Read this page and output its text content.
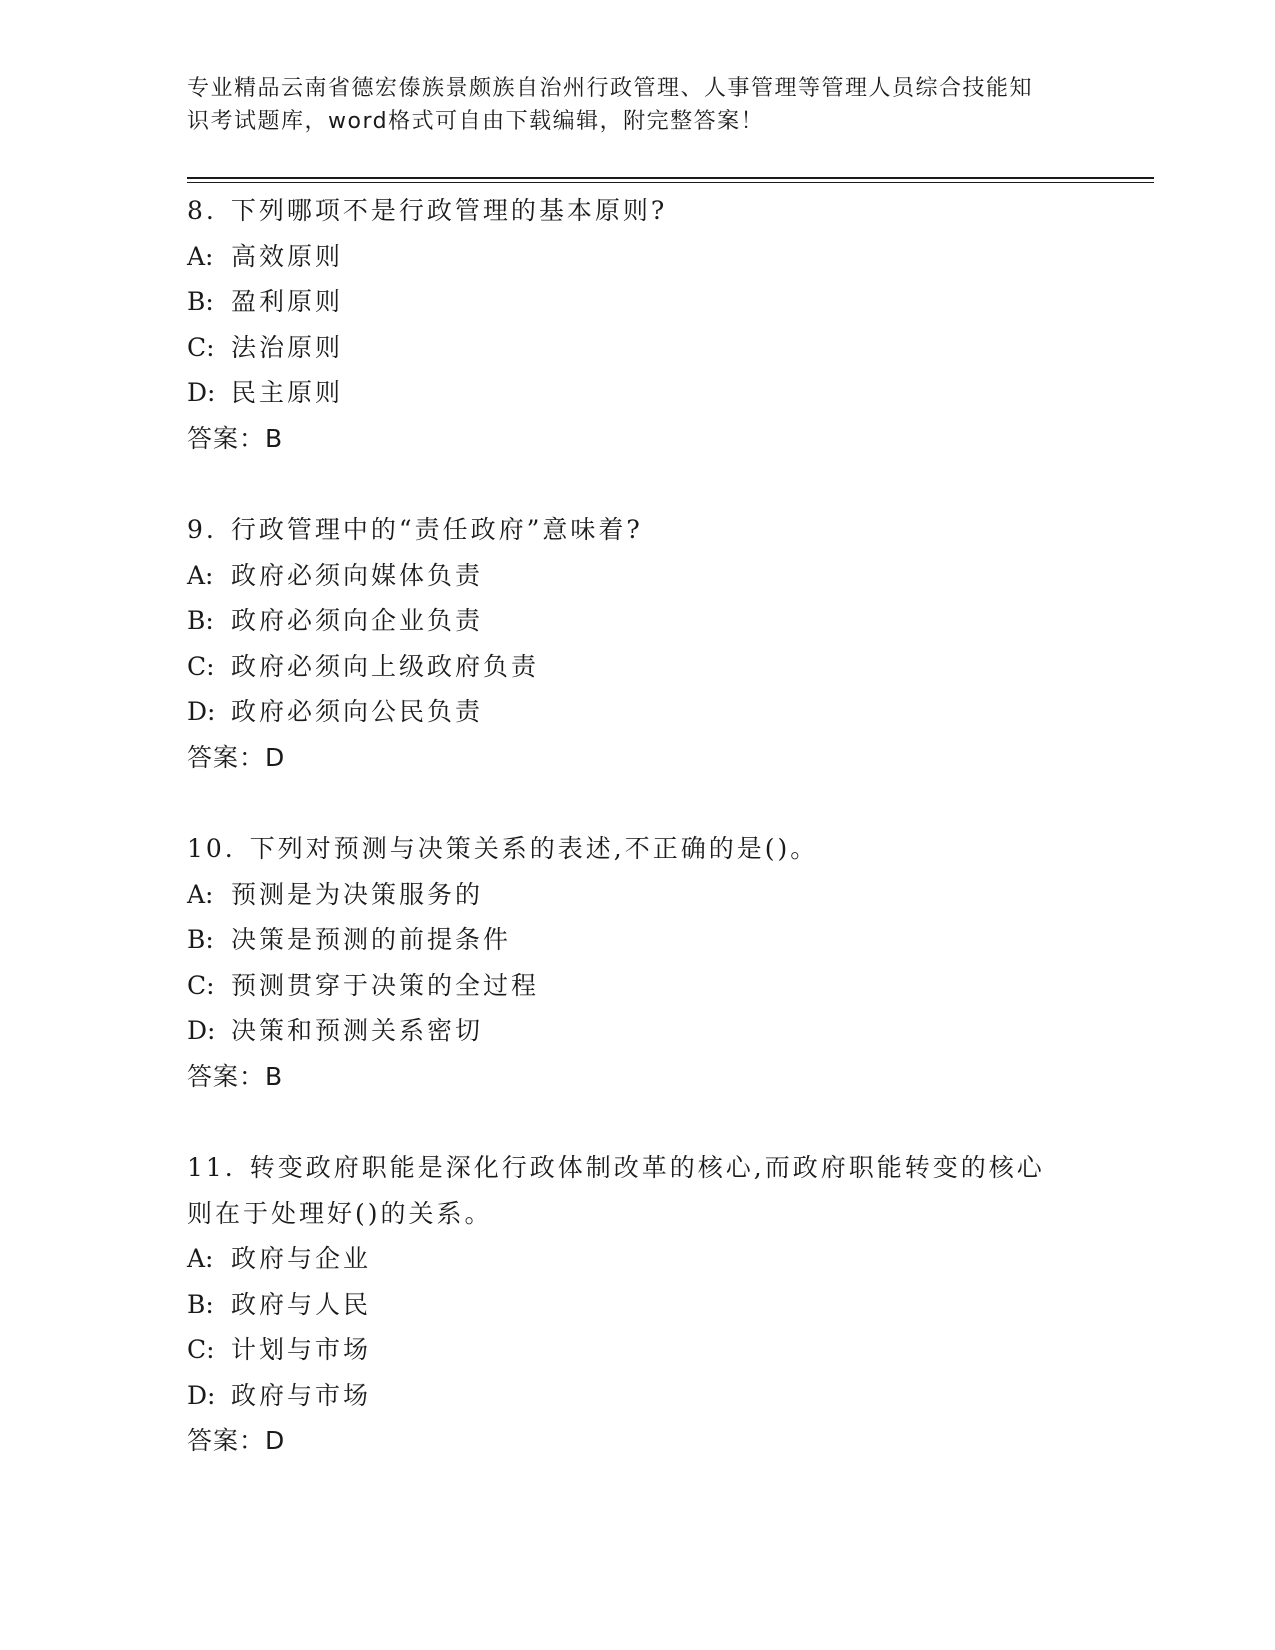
专业精品云南省德宏傣族景颇族自治州行政管理、人事管理等管理人员综合技能知
识考试题库，word格式可自由下载编辑，附完整答案！

8. 下列哪项不是行政管理的基本原则?

A: 高效原则

B: 盈利原则

C: 法治原则

D: 民主原则

答案：B

9. 行政管理中的“责任政府”意味着?

A: 政府必须向媒体负责

B: 政府必须向企业负责

C: 政府必须向上级政府负责

D: 政府必须向公民负责

答案：D

10. 下列对预测与决策关系的表述,不正确的是()。

A: 预测是为决策服务的

B: 决策是预测的前提条件

C: 预测贯穿于决策的全过程

D: 决策和预测关系密切

答案：B

11. 转变政府职能是深化行政体制改革的核心,而政府职能转变的核心

则在于处理好()的关系。

A: 政府与企业

B: 政府与人民

C: 计划与市场

D: 政府与市场

答案：D
